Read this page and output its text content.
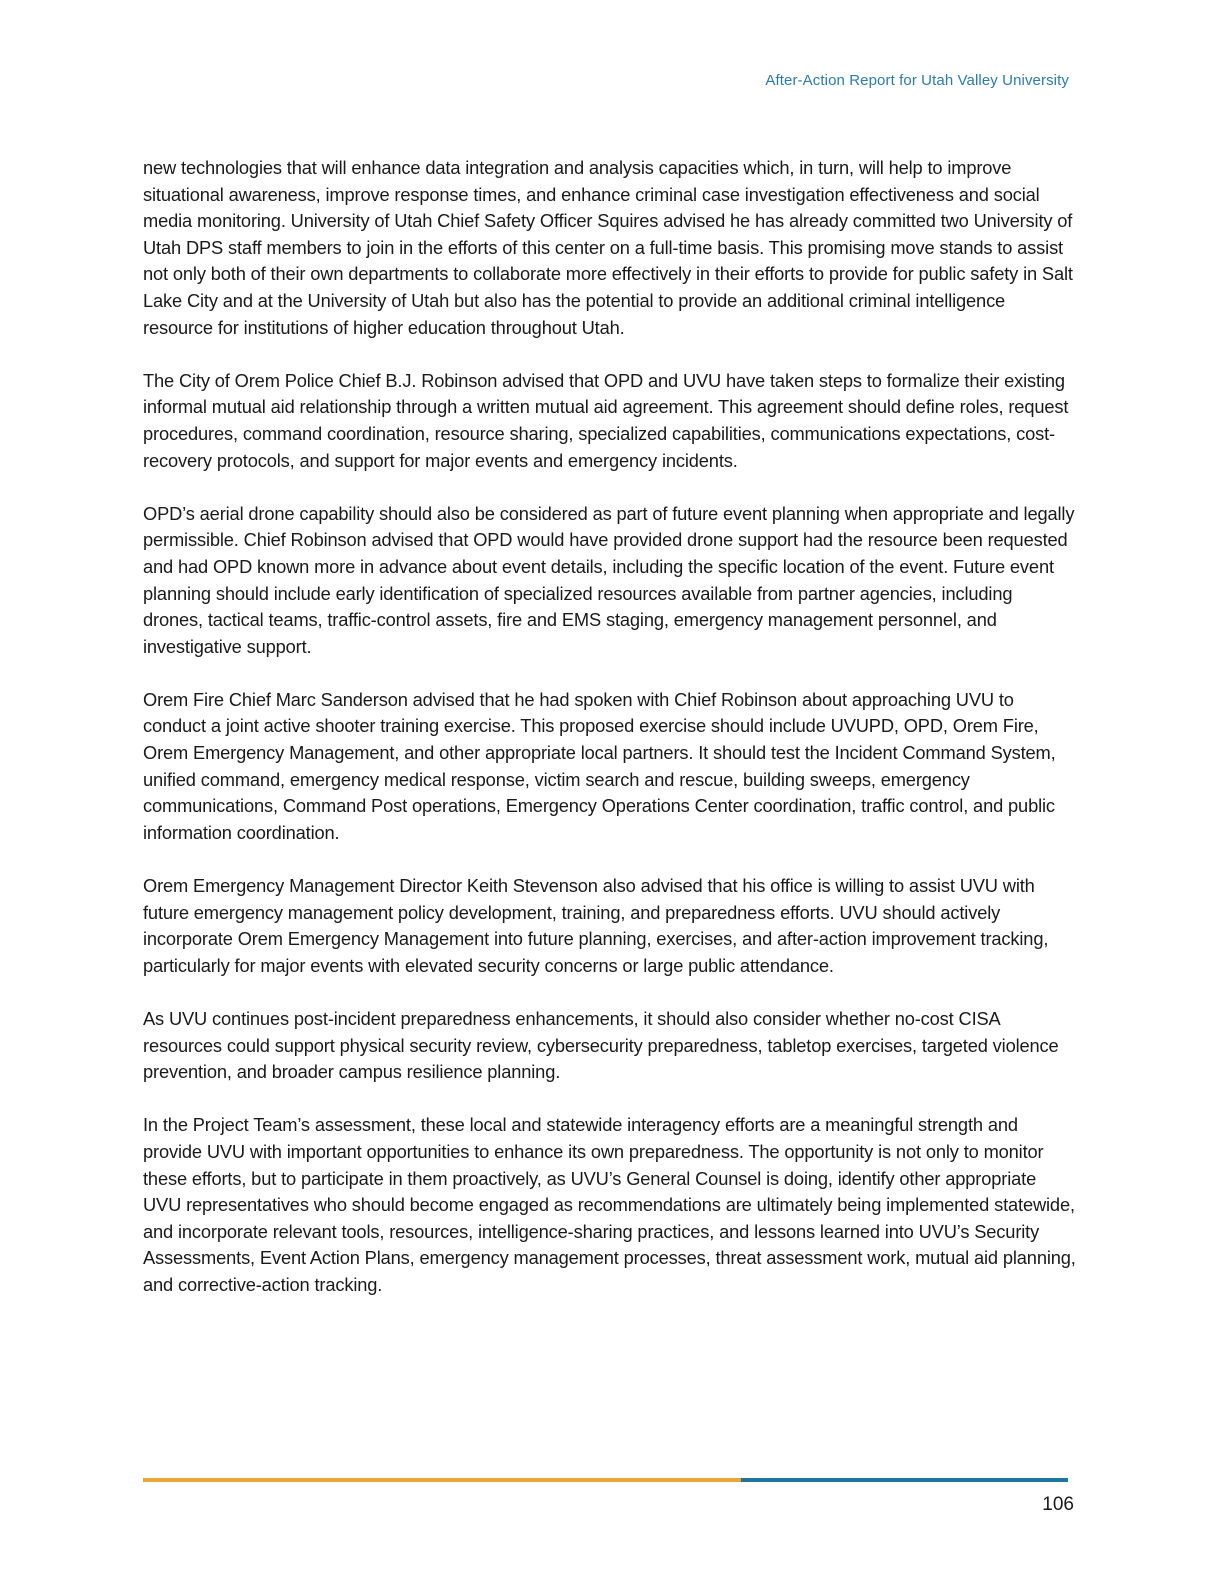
After-Action Report for Utah Valley University

new technologies that will enhance data integration and analysis capacities which, in turn, will help to improve situational awareness, improve response times, and enhance criminal case investigation effectiveness and social media monitoring. University of Utah Chief Safety Officer Squires advised he has already committed two University of Utah DPS staff members to join in the efforts of this center on a full-time basis. This promising move stands to assist not only both of their own departments to collaborate more effectively in their efforts to provide for public safety in Salt Lake City and at the University of Utah but also has the potential to provide an additional criminal intelligence resource for institutions of higher education throughout Utah.

The City of Orem Police Chief B.J. Robinson advised that OPD and UVU have taken steps to formalize their existing informal mutual aid relationship through a written mutual aid agreement. This agreement should define roles, request procedures, command coordination, resource sharing, specialized capabilities, communications expectations, cost-recovery protocols, and support for major events and emergency incidents.

OPD’s aerial drone capability should also be considered as part of future event planning when appropriate and legally permissible. Chief Robinson advised that OPD would have provided drone support had the resource been requested and had OPD known more in advance about event details, including the specific location of the event. Future event planning should include early identification of specialized resources available from partner agencies, including drones, tactical teams, traffic-control assets, fire and EMS staging, emergency management personnel, and investigative support.

Orem Fire Chief Marc Sanderson advised that he had spoken with Chief Robinson about approaching UVU to conduct a joint active shooter training exercise. This proposed exercise should include UVUPD, OPD, Orem Fire, Orem Emergency Management, and other appropriate local partners. It should test the Incident Command System, unified command, emergency medical response, victim search and rescue, building sweeps, emergency communications, Command Post operations, Emergency Operations Center coordination, traffic control, and public information coordination.

Orem Emergency Management Director Keith Stevenson also advised that his office is willing to assist UVU with future emergency management policy development, training, and preparedness efforts. UVU should actively incorporate Orem Emergency Management into future planning, exercises, and after-action improvement tracking, particularly for major events with elevated security concerns or large public attendance.

As UVU continues post-incident preparedness enhancements, it should also consider whether no-cost CISA resources could support physical security review, cybersecurity preparedness, tabletop exercises, targeted violence prevention, and broader campus resilience planning.

In the Project Team’s assessment, these local and statewide interagency efforts are a meaningful strength and provide UVU with important opportunities to enhance its own preparedness. The opportunity is not only to monitor these efforts, but to participate in them proactively, as UVU’s General Counsel is doing, identify other appropriate UVU representatives who should become engaged as recommendations are ultimately being implemented statewide, and incorporate relevant tools, resources, intelligence-sharing practices, and lessons learned into UVU’s Security Assessments, Event Action Plans, emergency management processes, threat assessment work, mutual aid planning, and corrective-action tracking.

106
